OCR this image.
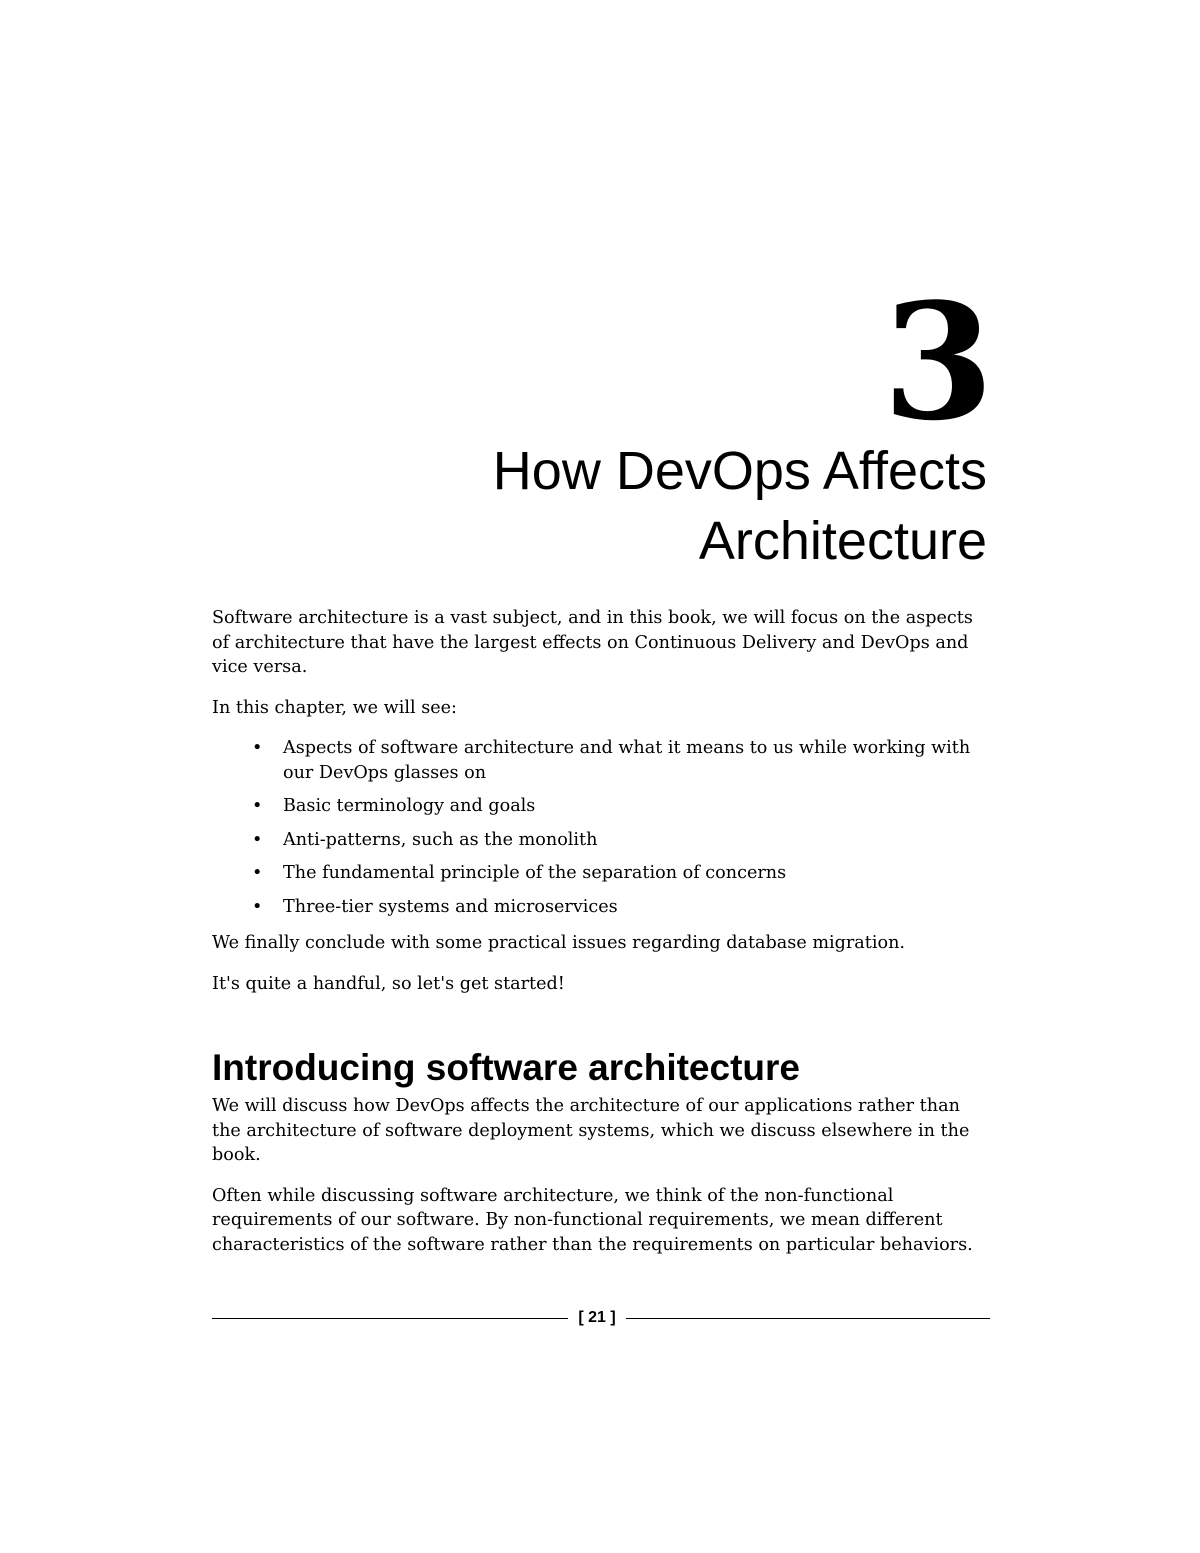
3
How DevOps Affects
Architecture

Software architecture is a vast subject, and in this book, we will focus on the aspects of architecture that have the largest effects on Continuous Delivery and DevOps and vice versa.

In this chapter, we will see:

• Aspects of software architecture and what it means to us while working with our DevOps glasses on
• Basic terminology and goals
• Anti-patterns, such as the monolith
• The fundamental principle of the separation of concerns
• Three-tier systems and microservices

We finally conclude with some practical issues regarding database migration.

It's quite a handful, so let's get started!

Introducing software architecture

We will discuss how DevOps affects the architecture of our applications rather than the architecture of software deployment systems, which we discuss elsewhere in the book.

Often while discussing software architecture, we think of the non-functional requirements of our software. By non-functional requirements, we mean different characteristics of the software rather than the requirements on particular behaviors.

[ 21 ]
